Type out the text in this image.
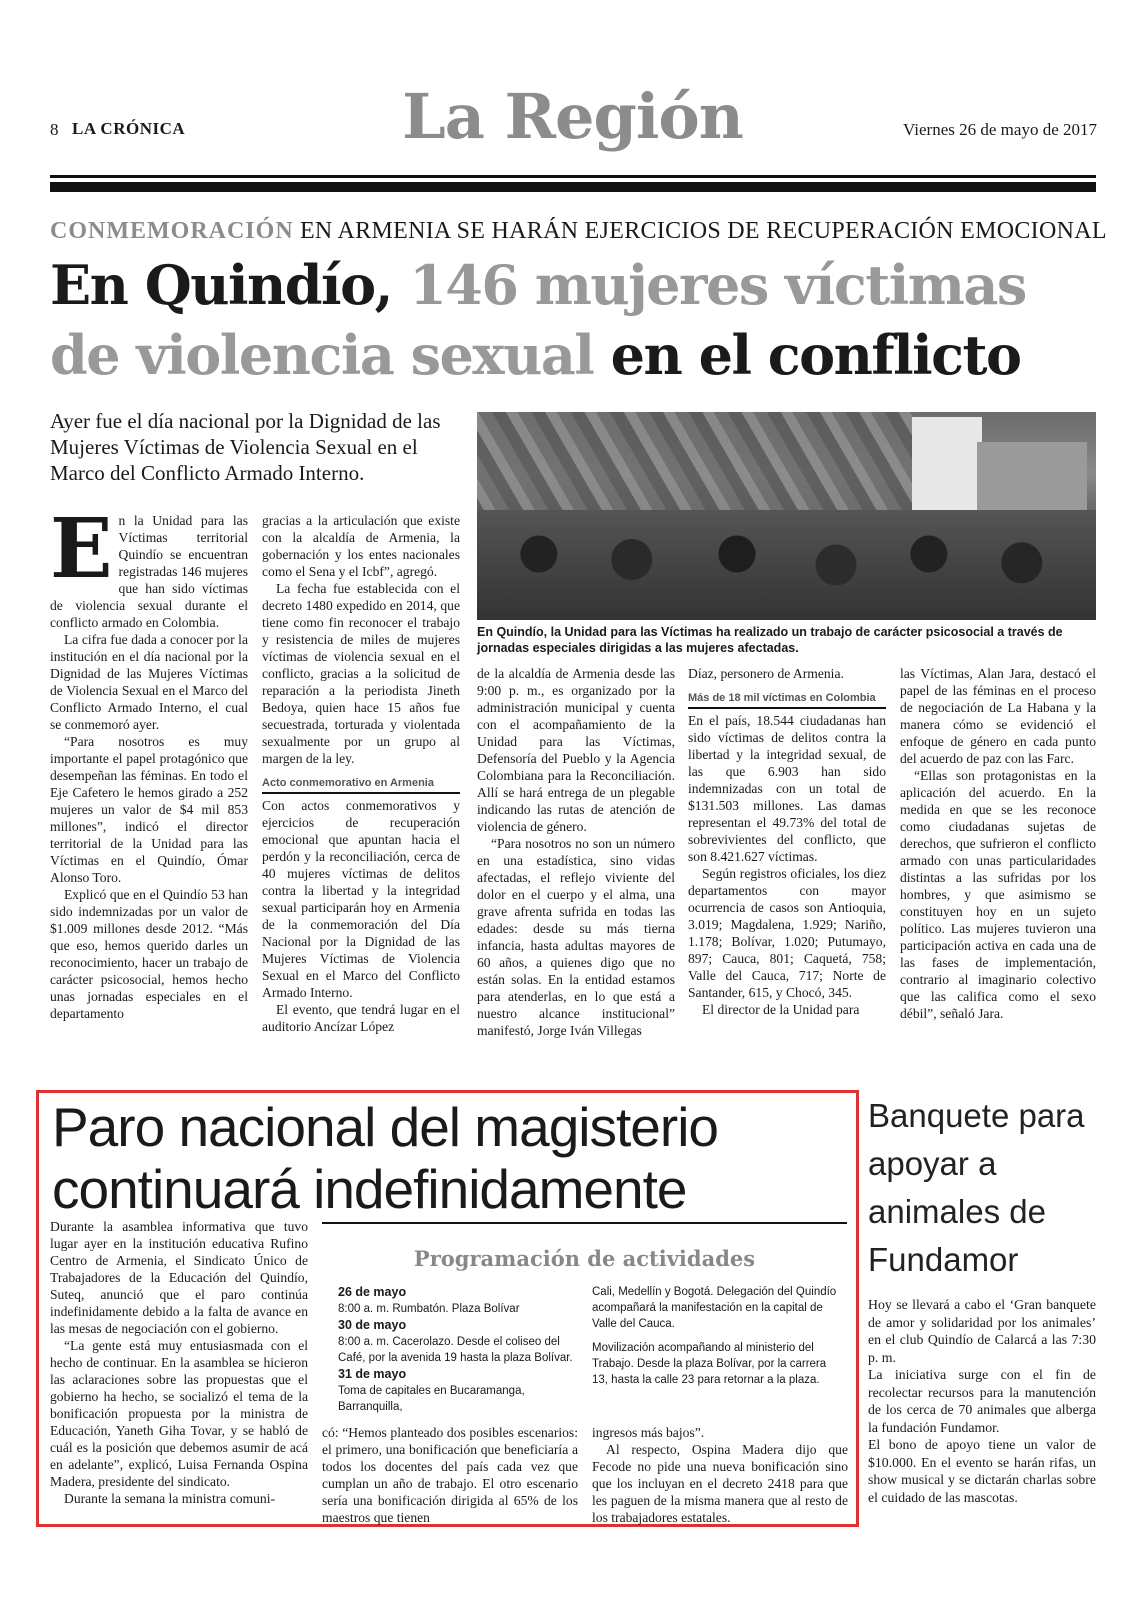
8 LA CRÓNICA	La Región	Viernes 26 de mayo de 2017
CONMEMORACIÓN EN ARMENIA SE HARÁN EJERCICIOS DE RECUPERACIÓN EMOCIONAL
En Quindío, 146 mujeres víctimas
de violencia sexual en el conflicto
Ayer fue el día nacional por la Dignidad de las Mujeres Víctimas de Violencia Sexual en el Marco del Conflicto Armado Interno.
En Quindío, la Unidad para las Víctimas ha realizado un trabajo de carácter psicosocial a través de jornadas especiales dirigidas a las mujeres afectadas.
E n la Unidad para las Víctimas territorial Quindío se encuentran registradas 146 mujeres que han sido víctimas de violencia sexual durante el conflicto armado en Colombia.

La cifra fue dada a conocer por la institución en el día nacional por la Dignidad de las Mujeres Víctimas de Violencia Sexual en el Marco del Conflicto Armado Interno, el cual se conmemoró ayer.

“Para nosotros es muy importante el papel protagónico que desempeñan las féminas. En todo el Eje Cafetero le hemos girado a 252 mujeres un valor de $4 mil 853 millones”, indicó el director territorial de la Unidad para las Víctimas en el Quindío, Ómar Alonso Toro.

Explicó que en el Quindío 53 han sido indemnizadas por un valor de $1.009 millones desde 2012. “Más que eso, hemos querido darles un reconocimiento, hacer un trabajo de carácter psicosocial, hemos hecho unas jornadas especiales en el departamento

gracias a la articulación que existe con la alcaldía de Armenia, la gobernación y los entes nacionales como el Sena y el Icbf”, agregó.

La fecha fue establecida con el decreto 1480 expedido en 2014, que tiene como fin reconocer el trabajo y resistencia de miles de mujeres víctimas de violencia sexual en el conflicto, gracias a la solicitud de reparación a la periodista Jineth Bedoya, quien hace 15 años fue secuestrada, torturada y violentada sexualmente por un grupo al margen de la ley.

Acto conmemorativo en Armenia

Con actos conmemorativos y ejercicios de recuperación emocional que apuntan hacia el perdón y la reconciliación, cerca de 40 mujeres víctimas de delitos contra la libertad y la integridad sexual participarán hoy en Armenia de la conmemoración del Día Nacional por la Dignidad de las Mujeres Víctimas de Violencia Sexual en el Marco del Conflicto Armado Interno.

El evento, que tendrá lugar en el auditorio Ancízar López

de la alcaldía de Armenia desde las 9:00 p. m., es organizado por la administración municipal y cuenta con el acompañamiento de la Unidad para las Víctimas, Defensoría del Pueblo y la Agencia Colombiana para la Reconciliación. Allí se hará entrega de un plegable indicando las rutas de atención de violencia de género.

“Para nosotros no son un número en una estadística, sino vidas afectadas, el reflejo viviente del dolor en el cuerpo y el alma, una grave afrenta sufrida en todas las edades: desde su más tierna infancia, hasta adultas mayores de 60 años, a quienes digo que no están solas. En la entidad estamos para atenderlas, en lo que está a nuestro alcance institucional” manifestó, Jorge Iván Villegas

Díaz, personero de Armenia.

Más de 18 mil víctimas en Colombia

En el país, 18.544 ciudadanas han sido víctimas de delitos contra la libertad y la integridad sexual, de las que 6.903 han sido indemnizadas con un total de $131.503 millones. Las damas representan el 49.73% del total de sobrevivientes del conflicto, que son 8.421.627 víctimas.

Según registros oficiales, los diez departamentos con mayor ocurrencia de casos son Antioquia, 3.019; Magdalena, 1.929; Nariño, 1.178; Bolívar, 1.020; Putumayo, 897; Cauca, 801; Caquetá, 758; Valle del Cauca, 717; Norte de Santander, 615, y Chocó, 345.

El director de la Unidad para

las Víctimas, Alan Jara, destacó el papel de las féminas en el proceso de negociación de La Habana y la manera cómo se evidenció el enfoque de género en cada punto del acuerdo de paz con las Farc.

“Ellas son protagonistas en la aplicación del acuerdo. En la medida en que se les reconoce como ciudadanas sujetas de derechos, que sufrieron el conflicto armado con unas particularidades distintas a las sufridas por los hombres, y que asimismo se constituyen hoy en un sujeto político. Las mujeres tuvieron una participación activa en cada una de las fases de implementación, contrario al imaginario colectivo que las califica como el sexo débil”, señaló Jara.

Paro nacional del magisterio continuará indefinidamente

Durante la asamblea informativa que tuvo lugar ayer en la institución educativa Rufino Centro de Armenia, el Sindicato Único de Trabajadores de la Educación del Quindío, Suteq, anunció que el paro continúa indefinidamente debido a la falta de avance en las mesas de negociación con el gobierno.

“La gente está muy entusiasmada con el hecho de continuar. En la asamblea se hicieron las aclaraciones sobre las propuestas que el gobierno ha hecho, se socializó el tema de la bonificación propuesta por la ministra de Educación, Yaneth Giha Tovar, y se habló de cuál es la posición que debemos asumir de acá en adelante”, explicó, Luisa Fernanda Ospina Madera, presidente del sindicato.

Durante la semana la ministra comuni-

Programación de actividades
26 de mayo
8:00 a. m. Rumbatón. Plaza Bolívar
30 de mayo
8:00 a. m. Cacerolazo. Desde el coliseo del Café, por la avenida 19 hasta la plaza Bolívar.
31 de mayo
Toma de capitales en Bucaramanga, Barranquilla,
Cali, Medellín y Bogotá. Delegación del Quindío acompañará la manifestación en la capital de Valle del Cauca.
Movilización acompañando al ministerio del Trabajo. Desde la plaza Bolívar, por la carrera 13, hasta la calle 23 para retornar a la plaza.

có: “Hemos planteado dos posibles escenarios: el primero, una bonificación que beneficiaría a todos los docentes del país cada vez que cumplan un año de trabajo. El otro escenario sería una bonificación dirigida al 65% de los maestros que tienen

ingresos más bajos”.

Al respecto, Ospina Madera dijo que Fecode no pide una nueva bonificación sino que los incluyan en el decreto 2418 para que les paguen de la misma manera que al resto de los trabajadores estatales.

Banquete para apoyar a animales de Fundamor

Hoy se llevará a cabo el ‘Gran banquete de amor y solidaridad por los animales’ en el club Quindío de Calarcá a las 7:30 p. m.

La iniciativa surge con el fin de recolectar recursos para la manutención de los cerca de 70 animales que alberga la fundación Fundamor.

El bono de apoyo tiene un valor de $10.000. En el evento se harán rifas, un show musical y se dictarán charlas sobre el cuidado de las mascotas.
